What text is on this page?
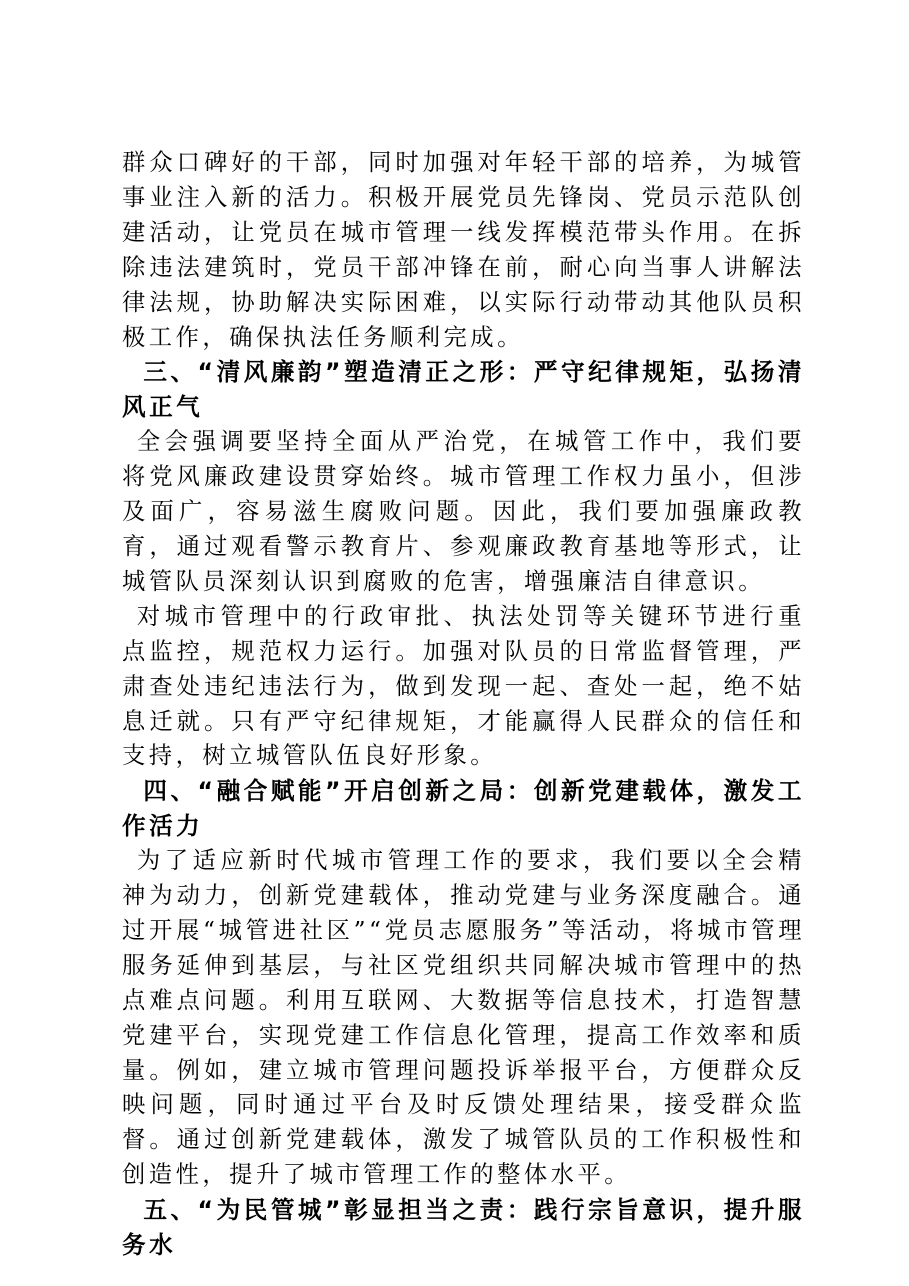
群众口碑好的干部，同时加强对年轻干部的培养，为城管事业注入新的活力。积极开展党员先锋岗、党员示范队创建活动，让党员在城市管理一线发挥模范带头作用。在拆除违法建筑时，党员干部冲锋在前，耐心向当事人讲解法律法规，协助解决实际困难，以实际行动带动其他队员积极工作，确保执法任务顺利完成。

三、“清风廉韵”塑造清正之形：严守纪律规矩，弘扬清风正气

全会强调要坚持全面从严治党，在城管工作中，我们要将党风廉政建设贯穿始终。城市管理工作权力虽小，但涉及面广，容易滋生腐败问题。因此，我们要加强廉政教育，通过观看警示教育片、参观廉政教育基地等形式，让城管队员深刻认识到腐败的危害，增强廉洁自律意识。

对城市管理中的行政审批、执法处罚等关键环节进行重点监控，规范权力运行。加强对队员的日常监督管理，严肃查处违纪违法行为，做到发现一起、查处一起，绝不姑息迁就。只有严守纪律规矩，才能赢得人民群众的信任和支持，树立城管队伍良好形象。

四、“融合赋能”开启创新之局：创新党建载体，激发工作活力

为了适应新时代城市管理工作的要求，我们要以全会精神为动力，创新党建载体，推动党建与业务深度融合。通过开展“城管进社区”“党员志愿服务”等活动，将城市管理服务延伸到基层，与社区党组织共同解决城市管理中的热点难点问题。利用互联网、大数据等信息技术，打造智慧党建平台，实现党建工作信息化管理，提高工作效率和质量。例如，建立城市管理问题投诉举报平台，方便群众反映问题，同时通过平台及时反馈处理结果，接受群众监督。通过创新党建载体，激发了城管队员的工作积极性和创造性，提升了城市管理工作的整体水平。

五、“为民管城”彰显担当之责：践行宗旨意识，提升服务水
